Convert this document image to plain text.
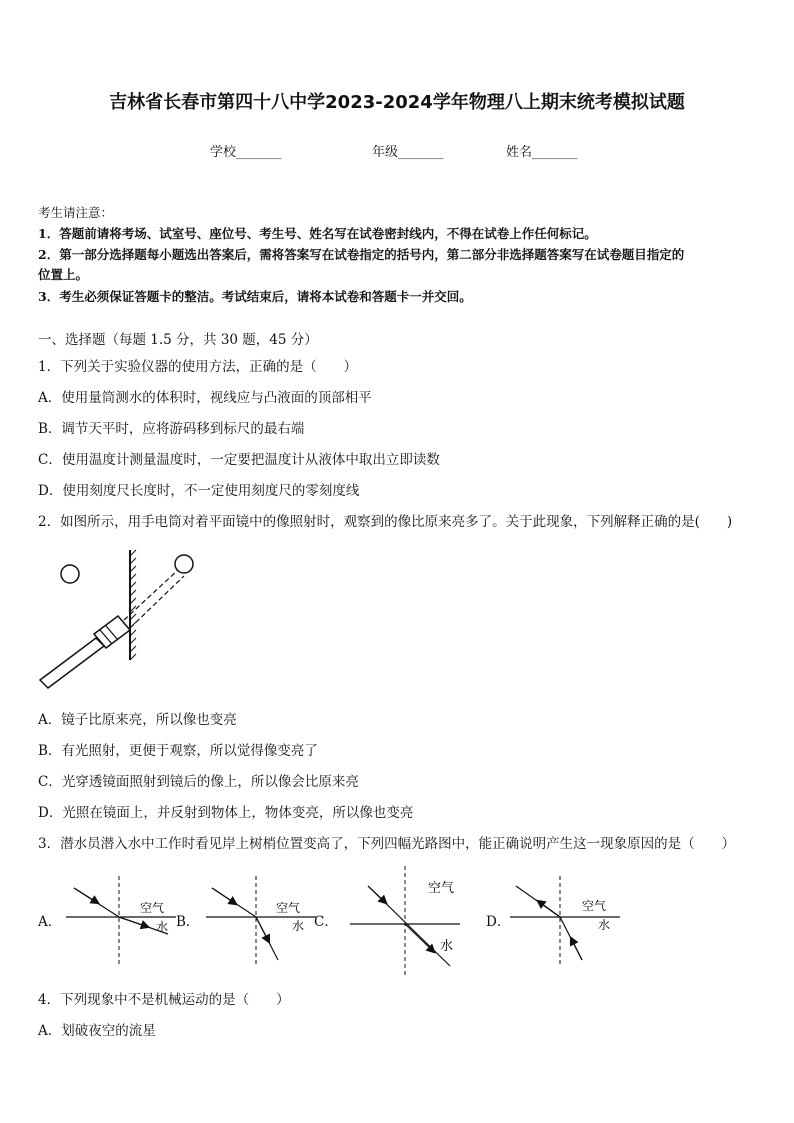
吉林省长春市第四十八中学2023-2024学年物理八上期末统考模拟试题
学校_______	年级_______	姓名_______
考生请注意：
1．答题前请将考场、试室号、座位号、考生号、姓名写在试卷密封线内，不得在试卷上作任何标记。
2．第一部分选择题每小题选出答案后，需将答案写在试卷指定的括号内，第二部分非选择题答案写在试卷题目指定的
位置上。
3．考生必须保证答题卡的整洁。考试结束后，请将本试卷和答题卡一并交回。
一、选择题（每题 1.5 分，共 30 题，45 分）
1．下列关于实验仪器的使用方法，正确的是（　　）
A．使用量筒测水的体积时，视线应与凸液面的顶部相平
B．调节天平时，应将游码移到标尺的最右端
C．使用温度计测量温度时，一定要把温度计从液体中取出立即读数
D．使用刻度尺长度时，不一定使用刻度尺的零刻度线
2．如图所示，用手电筒对着平面镜中的像照射时，观察到的像比原来亮多了。关于此现象，下列解释正确的是(　　)
A．镜子比原来亮，所以像也变亮
B．有光照射，更便于观察，所以觉得像变亮了
C．光穿透镜面照射到镜后的像上，所以像会比原来亮
D．光照在镜面上，并反射到物体上，物体变亮，所以像也变亮
3．潜水员潜入水中工作时看见岸上树梢位置变高了，下列四幅光路图中，能正确说明产生这一现象原因的是（　　）
A．	B．	C．	D．
空气
水
空气
水
空气
水
空气
水
4．下列现象中不是机械运动的是（　　）
A．划破夜空的流星
